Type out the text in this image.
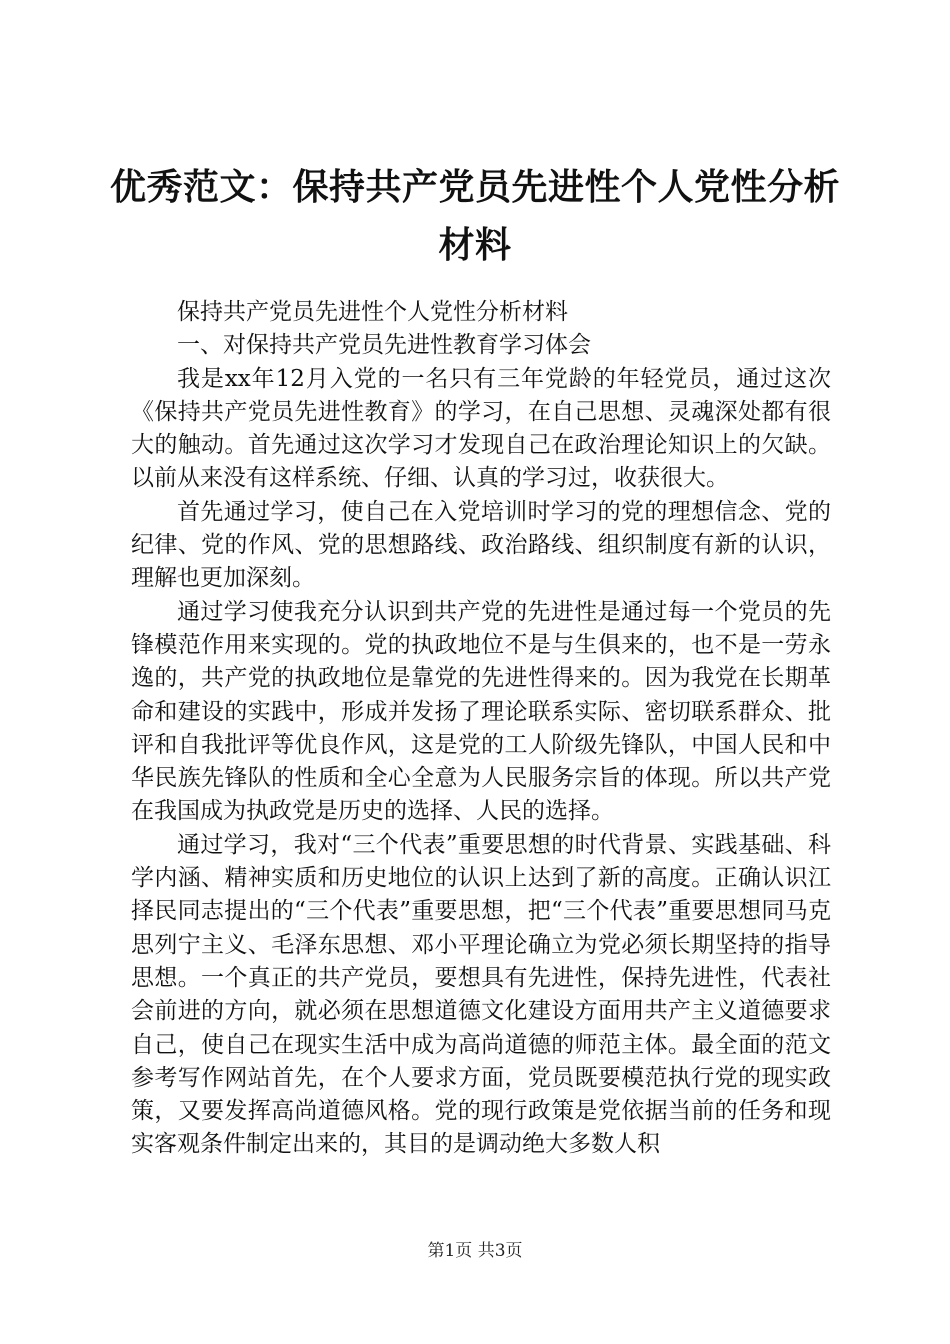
优秀范文：保持共产党员先进性个人党性分析材料

保持共产党员先进性个人党性分析材料

一、对保持共产党员先进性教育学习体会

我是xx年12月入党的一名只有三年党龄的年轻党员，通过这次《保持共产党员先进性教育》的学习，在自己思想、灵魂深处都有很大的触动。首先通过这次学习才发现自己在政治理论知识上的欠缺。以前从来没有这样系统、仔细、认真的学习过，收获很大。

首先通过学习，使自己在入党培训时学习的党的理想信念、党的纪律、党的作风、党的思想路线、政治路线、组织制度有新的认识，理解也更加深刻。

通过学习使我充分认识到共产党的先进性是通过每一个党员的先锋模范作用来实现的。党的执政地位不是与生俱来的，也不是一劳永逸的，共产党的执政地位是靠党的先进性得来的。因为我党在长期革命和建设的实践中，形成并发扬了理论联系实际、密切联系群众、批评和自我批评等优良作风，这是党的工人阶级先锋队，中国人民和中华民族先锋队的性质和全心全意为人民服务宗旨的体现。所以共产党在我国成为执政党是历史的选择、人民的选择。

通过学习，我对“三个代表”重要思想的时代背景、实践基础、科学内涵、精神实质和历史地位的认识上达到了新的高度。正确认识江择民同志提出的“三个代表”重要思想，把“三个代表”重要思想同马克思列宁主义、毛泽东思想、邓小平理论确立为党必须长期坚持的指导思想。一个真正的共产党员，要想具有先进性，保持先进性，代表社会前进的方向，就必须在思想道德文化建设方面用共产主义道德要求自己，使自己在现实生活中成为高尚道德的师范主体。最全面的范文参考写作网站首先，在个人要求方面，党员既要模范执行党的现实政策，又要发挥高尚道德风格。党的现行政策是党依据当前的任务和现实客观条件制定出来的，其目的是调动绝大多数人积

第1页 共3页
